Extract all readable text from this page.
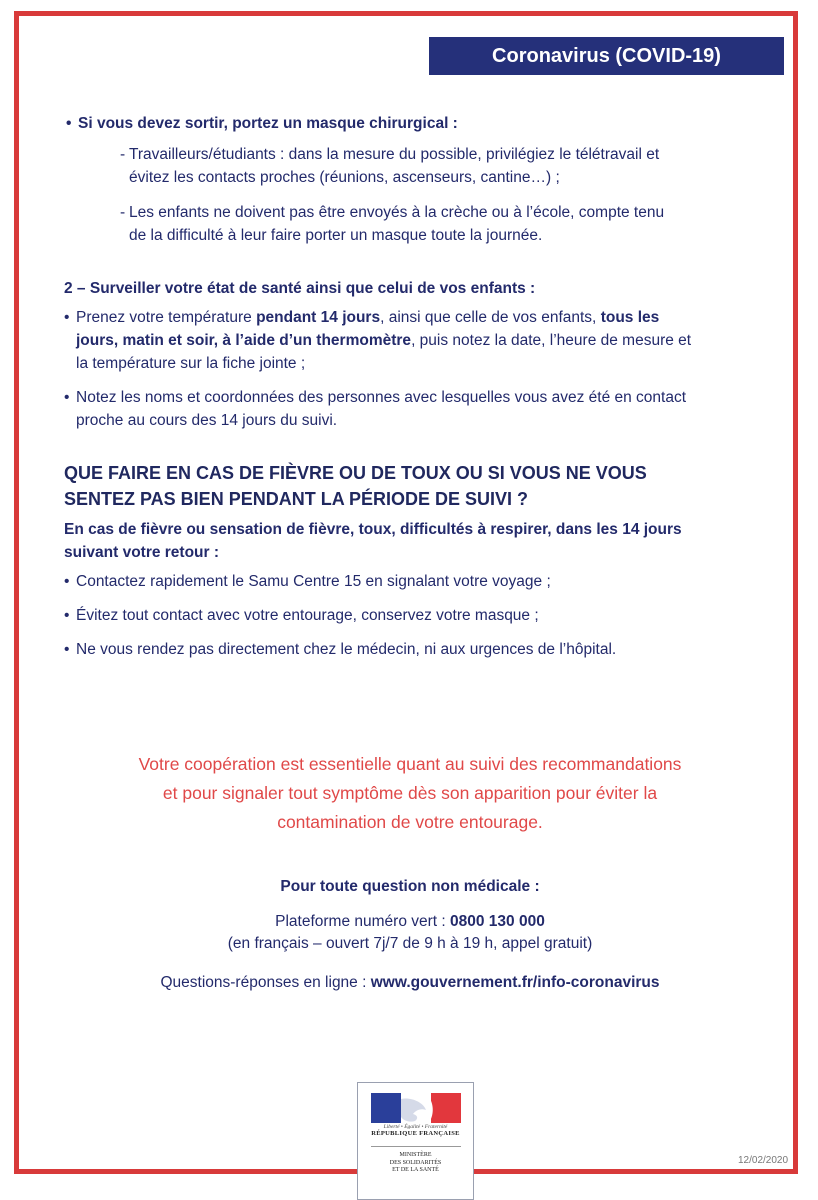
Coronavirus (COVID-19)
• Si vous devez sortir, portez un masque chirurgical :
- Travailleurs/étudiants : dans la mesure du possible, privilégiez le télétravail et

évitez les contacts proches (réunions, ascenseurs, cantine…) ;

- Les enfants ne doivent pas être envoyés à la crèche ou à l’école, compte tenu

de la difficulté à leur faire porter un masque toute la journée.

2 – Surveiller votre état de santé ainsi que celui de vos enfants :

• Prenez votre température pendant 14 jours, ainsi que celle de vos enfants, tous les

jours, matin et soir, à l’aide d’un thermomètre, puis notez la date, l’heure de mesure et

la température sur la fiche jointe ;

• Notez les noms et coordonnées des personnes avec lesquelles vous avez été en contact

proche au cours des 14 jours du suivi.

QUE FAIRE EN CAS DE FIÈVRE OU DE TOUX OU SI VOUS NE VOUS

SENTEZ PAS BIEN PENDANT LA PÉRIODE DE SUIVI ?

En cas de fièvre ou sensation de fièvre, toux, difficultés à respirer, dans les 14 jours

suivant votre retour :

• Contactez rapidement le Samu Centre 15 en signalant votre voyage ;
• Évitez tout contact avec votre entourage, conservez votre masque ;
• Ne vous rendez pas directement chez le médecin, ni aux urgences de l’hôpital.

Votre coopération est essentielle quant au suivi des recommandations

et pour signaler tout symptôme dès son apparition pour éviter la

contamination de votre entourage.

Pour toute question non médicale :

Plateforme numéro vert : 0800 130 000

(en français – ouvert 7j/7 de 9 h à 19 h, appel gratuit)

Questions-réponses en ligne : www.gouvernement.fr/info-coronavirus

Liberté • Égalité • Fraternité
RÉPUBLIQUE FRANÇAISE
MINISTÈRE
DES SOLIDARITÉS
ET DE LA SANTÉ
12/02/2020
